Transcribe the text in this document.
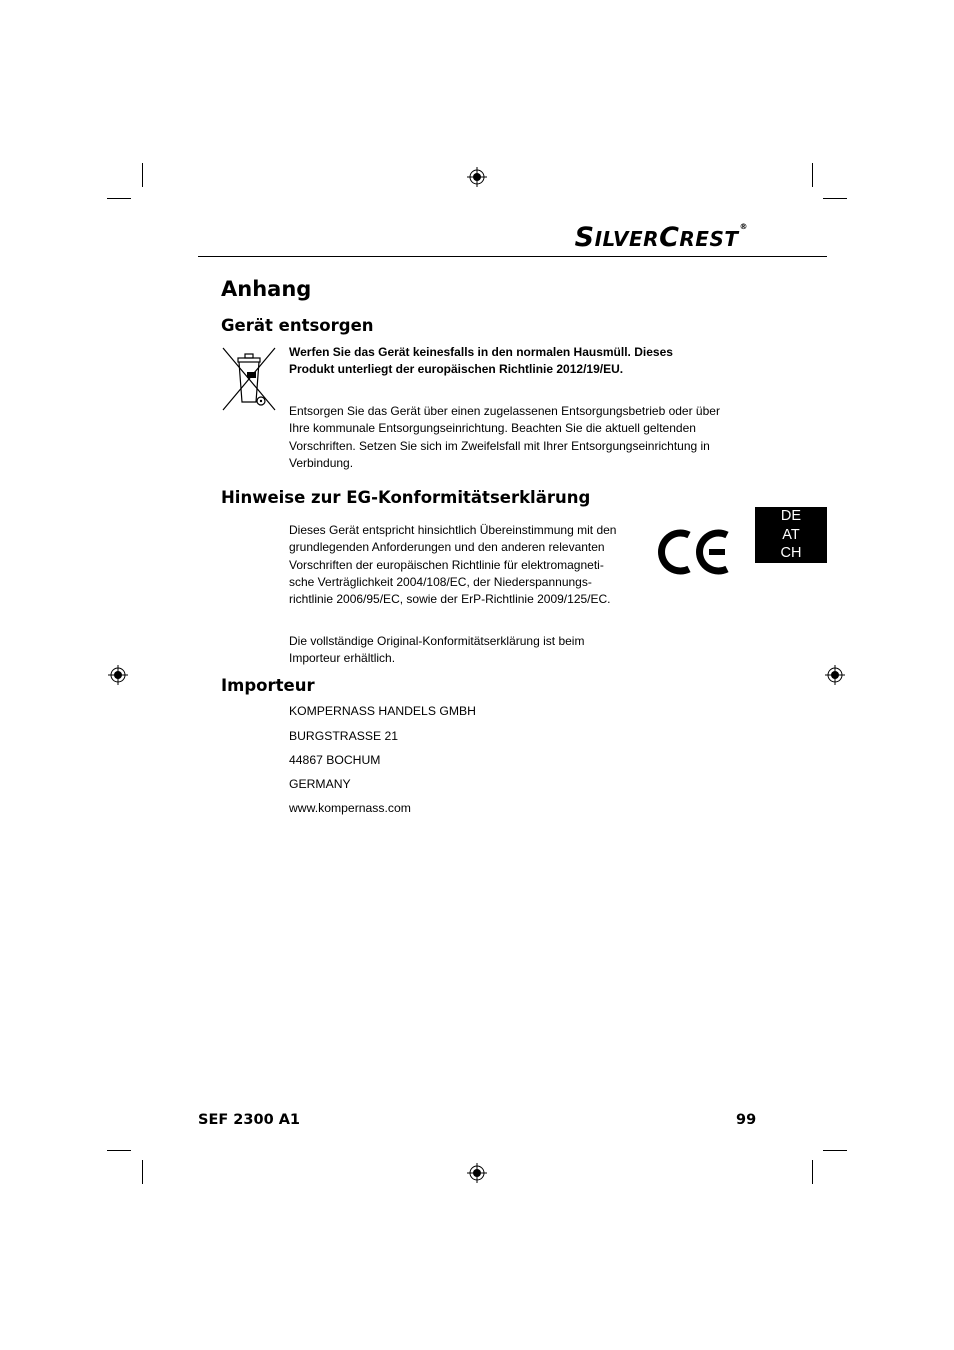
SILVERCREST®
Anhang
Gerät entsorgen

Werfen Sie das Gerät keinesfalls in den normalen Hausmüll. Dieses Produkt unterliegt der europäischen Richtlinie 2012/19/EU.

Entsorgen Sie das Gerät über einen zugelassenen Entsorgungsbetrieb oder über Ihre kommunale Entsorgungseinrichtung. Beachten Sie die aktuell geltenden Vorschriften. Setzen Sie sich im Zweifelsfall mit Ihrer Entsorgungseinrichtung in Verbindung.

Hinweise zur EG-Konformitätserklärung

Dieses Gerät entspricht hinsichtlich Übereinstimmung mit den grundlegenden Anforderungen und den anderen relevanten Vorschriften der europäischen Richtlinie für elektromagneti-sche Verträglichkeit 2004/108/EC, der Niederspannungs-richtlinie 2006/95/EC, sowie der ErP-Richtlinie 2009/125/EC.

Die vollständige Original-Konformitätserklärung ist beim Importeur erhältlich.

DE
AT
CH
Importeur
KOMPERNASS HANDELS GMBH
BURGSTRASSE 21
44867 BOCHUM
GERMANY
www.kompernass.com
SEF 2300 A1	99
